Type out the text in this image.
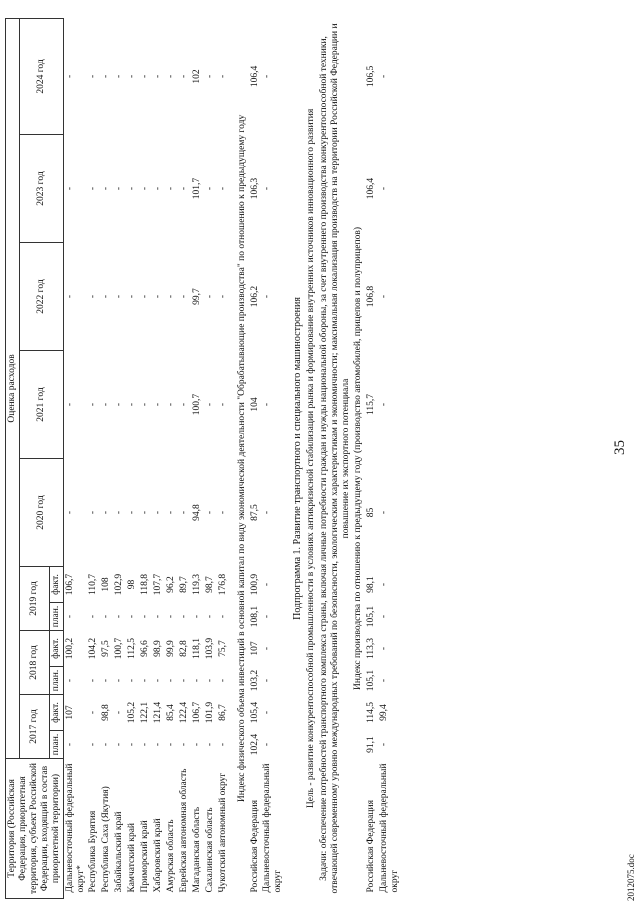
35
Территория (Российская Федерация, приоритетная территория, субъект Российской Федерации, входящий в состав приоритетной территории)	Оценка расходов										
	2017 год		2018 год		2019 год		2020 год	2021 год	2022 год	2023 год	2024 год
	план.	факт.	план.	факт.	план.	факт.					
Дальневосточный федеральный округ*	-	107	-	100,2	-	106,7	-	-	-	-	-
Республика Бурятия	-	-	-	104,2	-	110,7	-	-	-	-	-
Республика Саха (Якутия)	-	98,8	-	97,5	-	108	-	-	-	-	-
Забайкальский край	-	-	-	100,7	-	102,9	-	-	-	-	-
Камчатский край	-	105,2	-	112,5	-	98	-	-	-	-	-
Приморский край	-	122,1	-	96,6	-	118,8	-	-	-	-	-
Хабаровский край	-	121,4	-	98,9	-	107,7	-	-	-	-	-
Амурская область	-	85,4	-	99,9	-	96,2	-	-	-	-	-
Еврейская автономная область	-	122,4	-	82,8	-	89,7	-	-	-	-	-
Магаданская область	-	106,7	-	118,1	-	119,3	94,8	100,7	99,7	101,7	102
Сахалинская область	-	101,9	-	103,9	-	98,7	-	-	-	-	-
Чукотский автономный округ	-	86,7	-	75,7	-	176,8	-	-	-	-	-

Индекс физического объема инвестиций в основной капитал по виду экономической деятельности "Обрабатывающие производства" по отношению к предыдущему году											
Российская Федерация	102,4	105,4	103,2	107	108,1	100,9	87,5	104	106,2	106,3	106,4
Дальневосточный федеральный округ	-	-	-	-	-	-	-	-	-	-	-

Подпрограмма 1. Развитие транспортного и специального машиностроения											
Цель - развитие конкурентоспособной промышленности в условиях антикризисной стабилизации рынка и формирование внутренних источников инновационного развития											
Задачи: обеспечение потребностей транспортного комплекса страны, включая личные потребности граждан и нужды национальной обороны, за счет внутреннего производства конкурентоспособной техники, отвечающей современному уровню международных требований по безопасности, экологическим характеристикам и экономичности; максимальная локализация производств на территории Российской Федерации и повышение их экспортного потенциала											
Индекс производства по отношению к предыдущему году (производство автомобилей, прицепов и полуприцепов)											
Российская Федерация	91,1	114,5	105,1	113,3	105,1	98,1	85	115,7	106,8	106,4	106,5
Дальневосточный федеральный округ	-	99,4	-	-	-	-	-	-	-	-	-
2012075.doc
